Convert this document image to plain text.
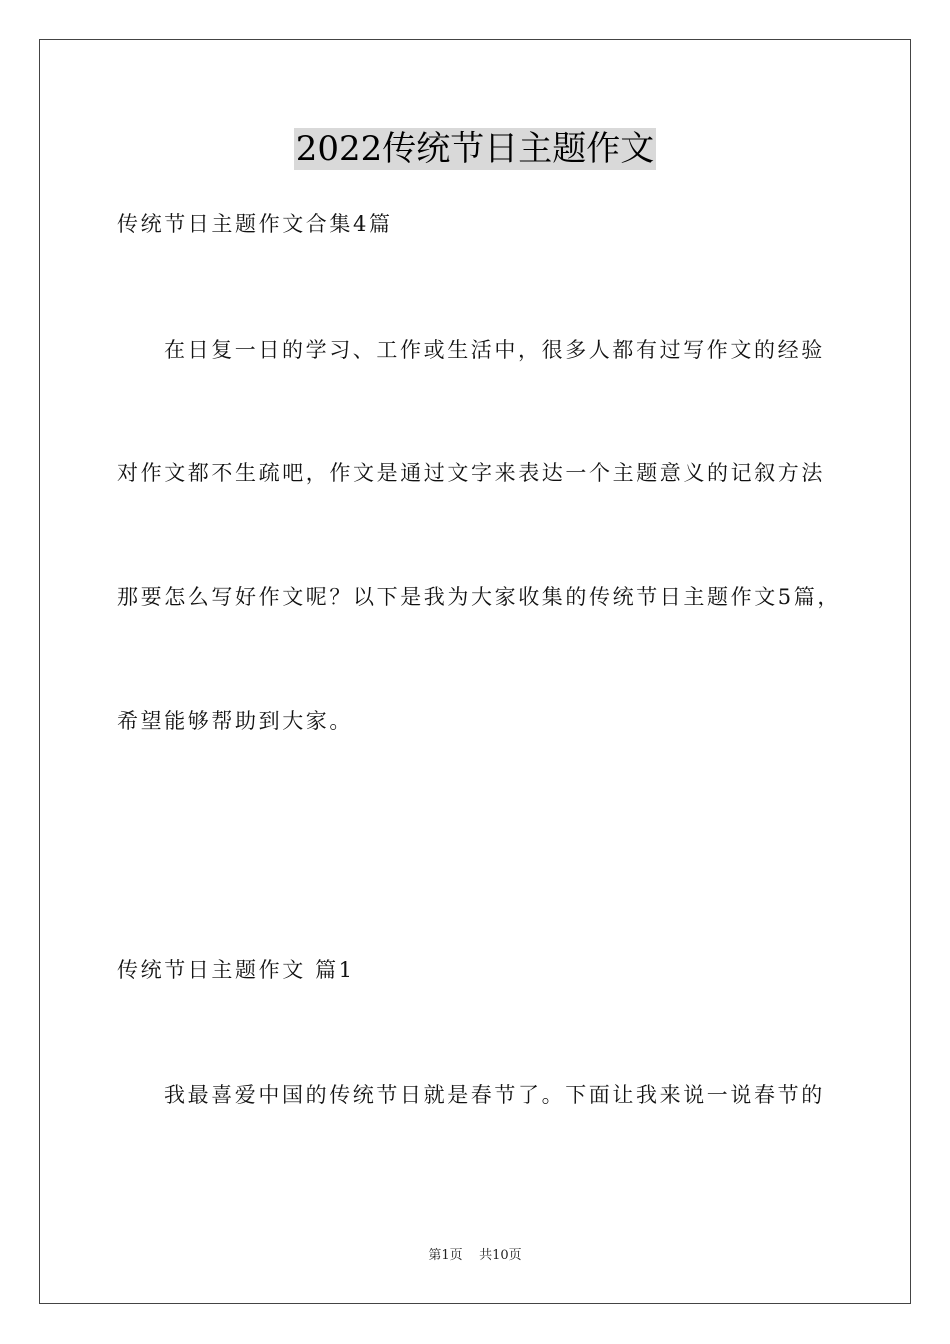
2022传统节日主题作文
传统节日主题作文合集4篇
在日复一日的学习、工作或生活中，很多人都有过写作文的经验
对作文都不生疏吧，作文是通过文字来表达一个主题意义的记叙方法
那要怎么写好作文呢？以下是我为大家收集的传统节日主题作文5篇，
希望能够帮助到大家。
传统节日主题作文 篇1
我最喜爱中国的传统节日就是春节了。下面让我来说一说春节的
第1页 共10页
